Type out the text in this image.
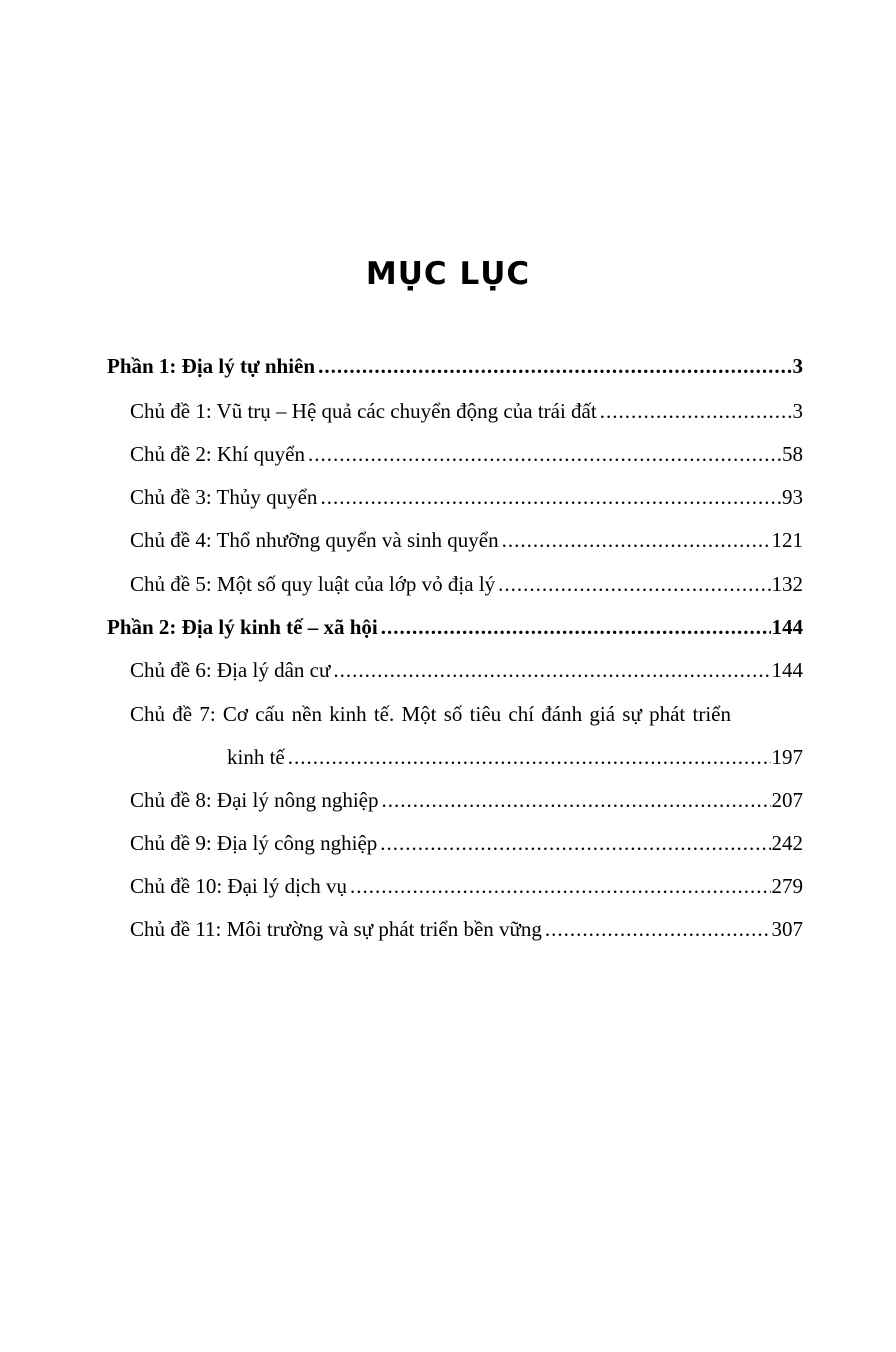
MỤC LỤC
Phần 1: Địa lý tự nhiên .....	3
Chủ đề 1: Vũ trụ – Hệ quả các chuyển động của trái đất .....	3
Chủ đề 2: Khí quyển .....	58
Chủ đề 3: Thủy quyển .....	93
Chủ đề 4: Thổ nhưỡng quyển và sinh quyển .....	121
Chủ đề 5: Một số quy luật của lớp vỏ địa lý .....	132
Phần 2: Địa lý kinh tế – xã hội .....	144
Chủ đề 6: Địa lý dân cư .....	144
Chủ đề 7: Cơ cấu nền kinh tế. Một số tiêu chí đánh giá sự phát triển
kinh tế .....	197
Chủ đề 8: Đại lý nông nghiệp .....	207
Chủ đề 9: Địa lý công nghiệp .....	242
Chủ đề 10: Đại lý dịch vụ .....	279
Chủ đề 11: Môi trường và sự phát triển bền vững .....	307
